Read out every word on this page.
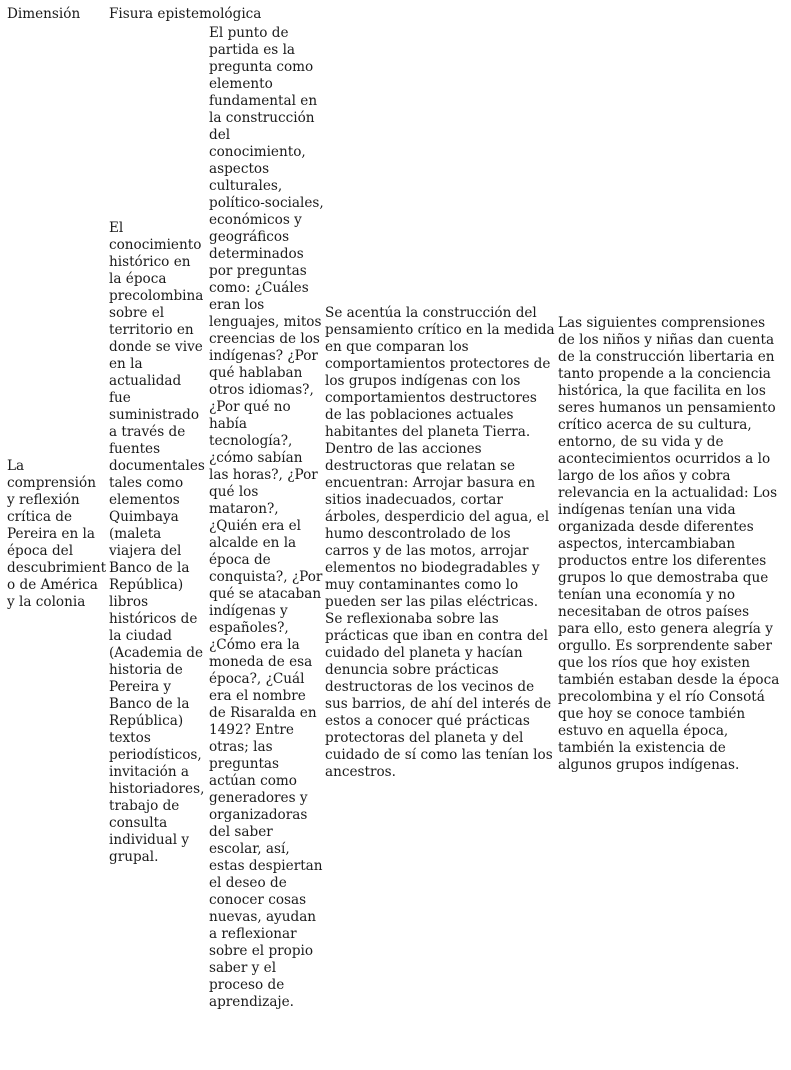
Dimensión Fisura epistemológica
La comprensión y reflexión crítica de Pereira en la época del descubrimiento de América y la colonia
El conocimiento histórico en la época precolombina sobre el territorio en donde se vive en la actualidad fue suministrado a través de fuentes documentales tales como elementos Quimbaya (maleta viajera del Banco de la República) libros históricos de la ciudad (Academia de historia de Pereira y Banco de la República) textos periodísticos, invitación a historiadores, trabajo de consulta individual y grupal.
El punto de partida es la pregunta como elemento fundamental en la construcción del conocimiento, aspectos culturales, político-sociales, económicos y geográficos determinados por preguntas como: ¿Cuáles eran los lenguajes, mitos creencias de los indígenas? ¿Por qué hablaban otros idiomas?, ¿Por qué no había tecnología?, ¿cómo sabían las horas?, ¿Por qué los mataron?, ¿Quién era el alcalde en la época de conquista?, ¿Por qué se atacaban indígenas y españoles?, ¿Cómo era la moneda de esa época?, ¿Cuál era el nombre de Risaralda en 1492? Entre otras; las preguntas actúan como generadores y organizadoras del saber escolar, así, estas despiertan el deseo de conocer cosas nuevas, ayudan a reflexionar sobre el propio saber y el proceso de aprendizaje.
Se acentúa la construcción del pensamiento crítico en la medida en que comparan los comportamientos protectores de los grupos indígenas con los comportamientos destructores de las poblaciones actuales habitantes del planeta Tierra. Dentro de las acciones destructoras que relatan se encuentran: Arrojar basura en sitios inadecuados, cortar árboles, desperdicio del agua, el humo descontrolado de los carros y de las motos, arrojar elementos no biodegradables y muy contaminantes como lo pueden ser las pilas eléctricas. Se reflexionaba sobre las prácticas que iban en contra del cuidado del planeta y hacían denuncia sobre prácticas destructoras de los vecinos de sus barrios, de ahí del interés de estos a conocer qué prácticas protectoras del planeta y del cuidado de sí como las tenían los ancestros.
Las siguientes comprensiones de los niños y niñas dan cuenta de la construcción libertaria en tanto propende a la conciencia histórica, la que facilita en los seres humanos un pensamiento crítico acerca de su cultura, entorno, de su vida y de acontecimientos ocurridos a lo largo de los años y cobra relevancia en la actualidad: Los indígenas tenían una vida organizada desde diferentes aspectos, intercambiaban productos entre los diferentes grupos lo que demostraba que tenían una economía y no necesitaban de otros países para ello, esto genera alegría y orgullo. Es sorprendente saber que los ríos que hoy existen también estaban desde la época precolombina y el río Consotá que hoy se conoce también estuvo en aquella época, también la existencia de algunos grupos indígenas.
